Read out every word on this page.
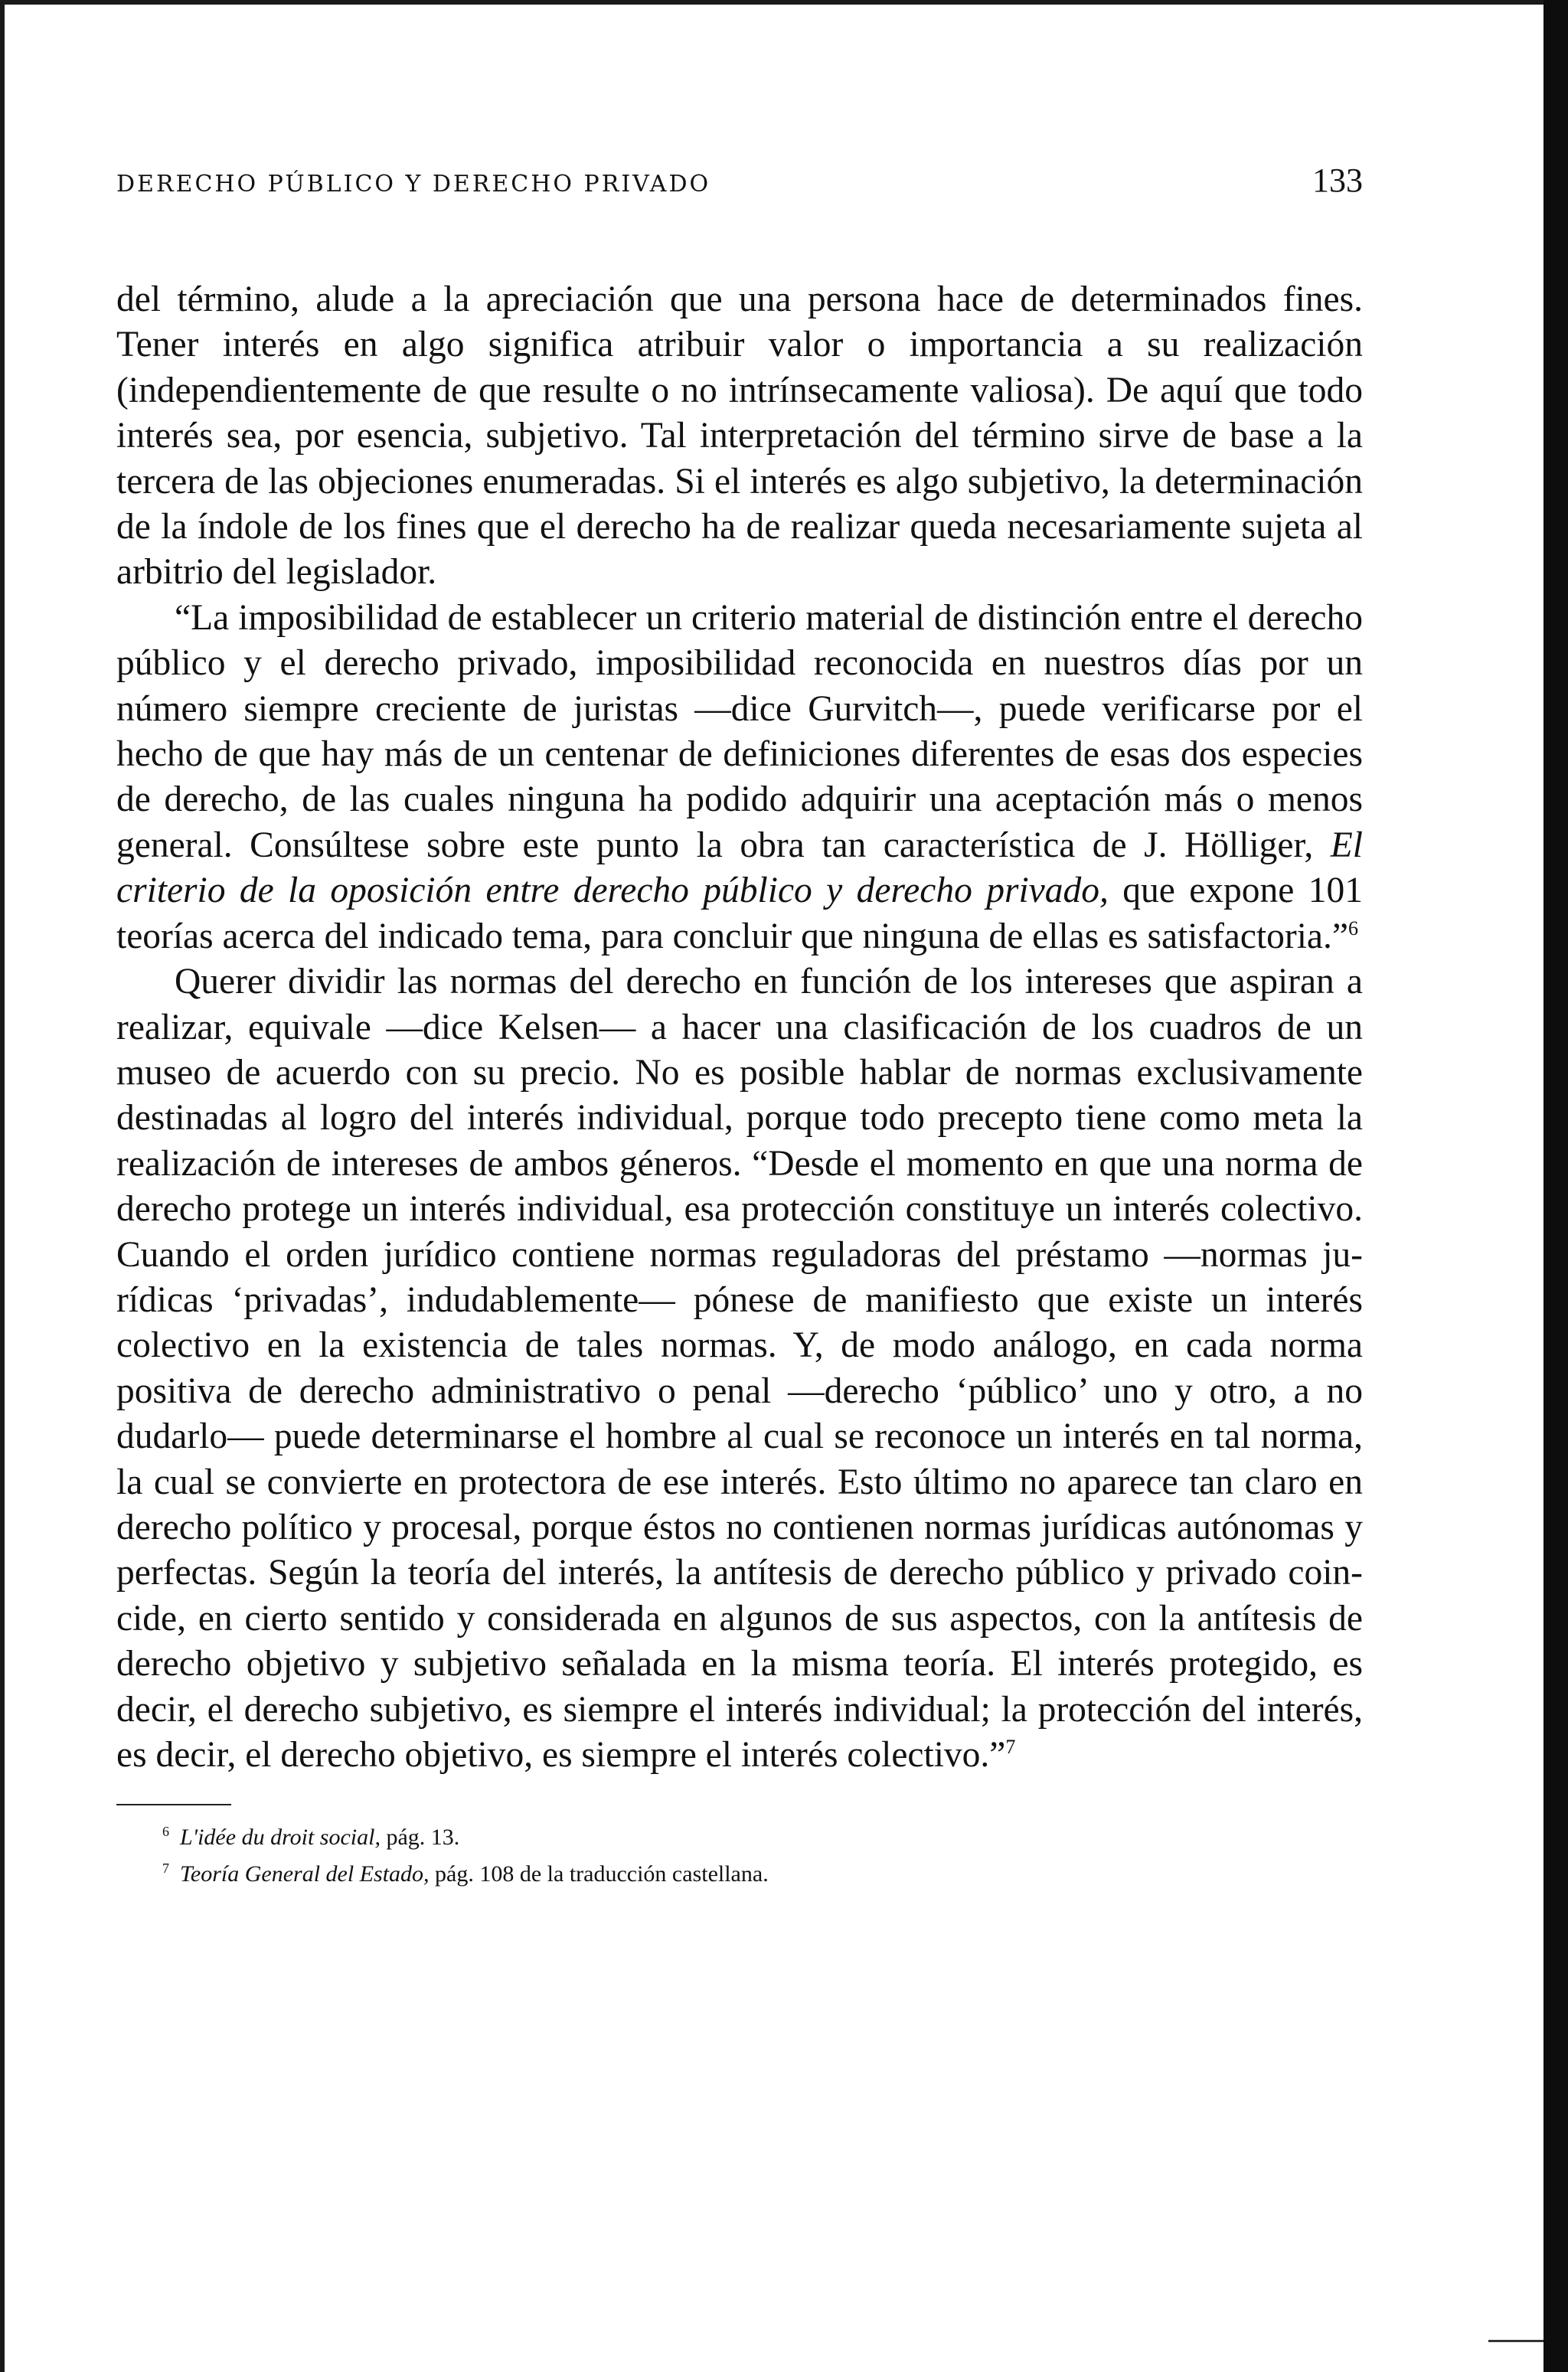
DERECHO PÚBLICO Y DERECHO PRIVADO	133

del término, alude a la apreciación que una persona hace de determinados fines. Tener interés en algo significa atribuir valor o importancia a su realización (independientemente de que resulte o no intrínsecamente valiosa). De aquí que todo interés sea, por esencia, subjetivo. Tal interpretación del término sirve de base a la tercera de las objeciones enumeradas. Si el interés es algo subjetivo, la determinación de la índole de los fines que el derecho ha de realizar queda necesariamente sujeta al arbitrio del legislador.

“La imposibilidad de establecer un criterio material de distinción entre el derecho público y el derecho privado, imposibilidad reconocida en nuestros días por un número siempre creciente de juristas —dice Gurvitch—, puede verificarse por el hecho de que hay más de un centenar de definiciones diferentes de esas dos especies de derecho, de las cuales ninguna ha podido adquirir una aceptación más o menos general. Consúltese sobre este punto la obra tan característica de J. Hölliger, El criterio de la oposición entre derecho público y derecho privado, que expone 101 teorías acerca del indicado tema, para concluir que ninguna de ellas es satisfactoria.”$^6$

Querer dividir las normas del derecho en función de los intereses que aspiran a realizar, equivale —dice Kelsen— a hacer una clasificación de los cuadros de un museo de acuerdo con su precio. No es posible hablar de normas exclusivamente destinadas al logro del interés individual, porque todo precepto tiene como meta la realización de intereses de ambos géneros. “Desde el momento en que una norma de derecho protege un interés individual, esa protección constituye un interés colectivo. Cuando el orden jurídico contiene normas reguladoras del préstamo —normas jurídicas ‘privadas’, indudablemente— pónese de manifiesto que existe un interés colectivo en la existencia de tales normas. Y, de modo análogo, en cada norma positiva de derecho administrativo o penal —derecho ‘público’ uno y otro, a no dudarlo— puede determinarse el hombre al cual se reconoce un interés en tal norma, la cual se convierte en protectora de ese interés. Esto último no aparece tan claro en derecho político y procesal, porque éstos no contienen normas jurídicas autónomas y perfectas. Según la teoría del interés, la antítesis de derecho público y privado coincide, en cierto sentido y considerada en algunos de sus aspectos, con la antítesis de derecho objetivo y subjetivo señalada en la misma teoría. El interés protegido, es decir, el derecho subjetivo, es siempre el interés individual; la protección del interés, es decir, el derecho objetivo, es siempre el interés colectivo.”$^7$

$^6$ L'idée du droit social, pág. 13.
$^7$ Teoría General del Estado, pág. 108 de la traducción castellana.
